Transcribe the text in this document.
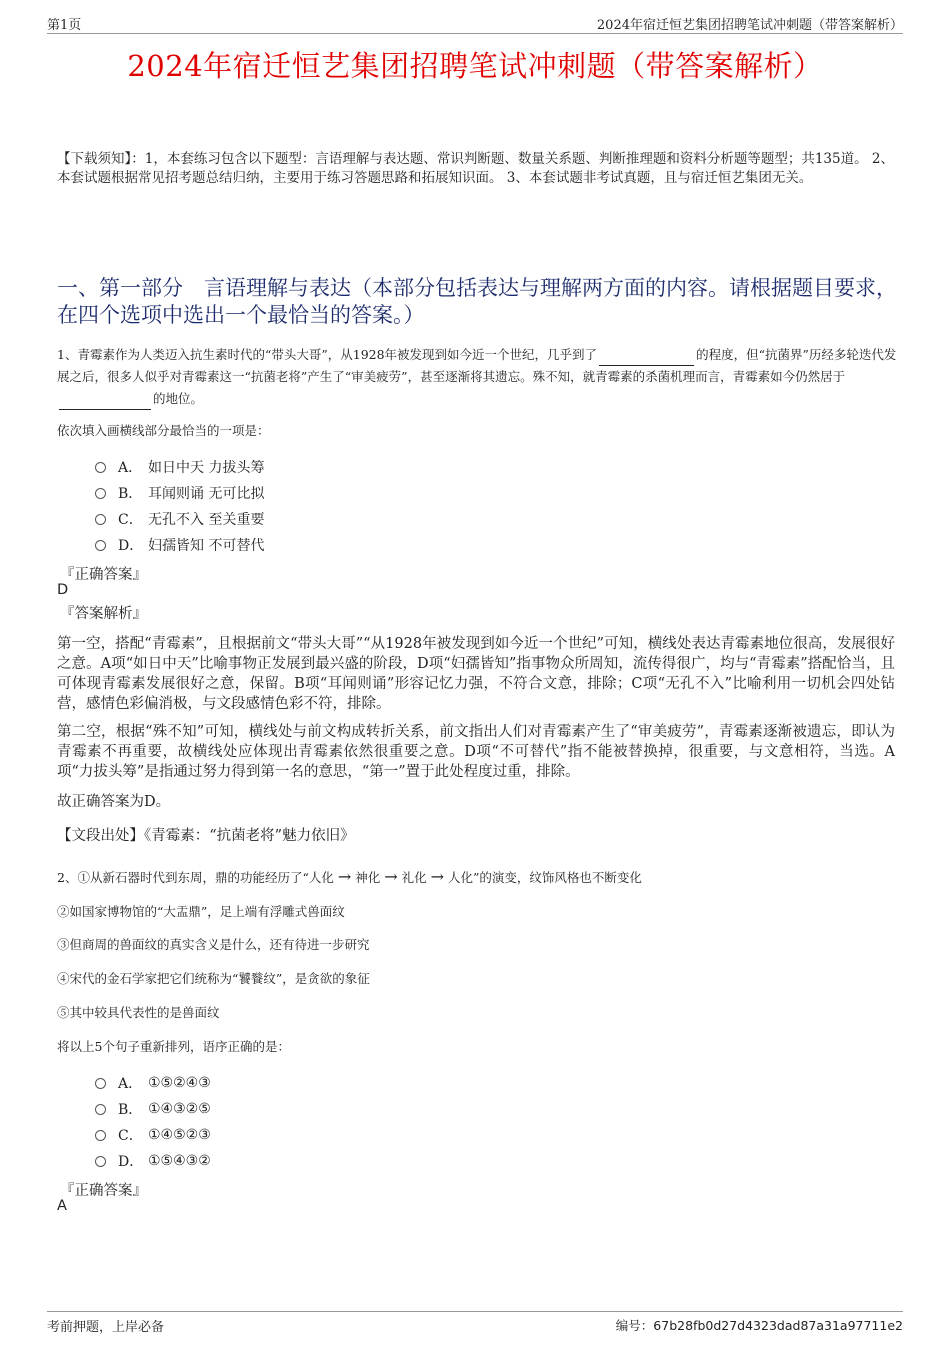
第1页	2024年宿迁恒艺集团招聘笔试冲刺题（带答案解析）
2024年宿迁恒艺集团招聘笔试冲刺题（带答案解析）
【下载须知】：1，本套练习包含以下题型：言语理解与表达题、常识判断题、数量关系题、判断推理题和资料分析题等题型；共135道。 2、本套试题根据常见招考题总结归纳，主要用于练习答题思路和拓展知识面。 3、本套试题非考试真题，且与宿迁恒艺集团无关。
一、第一部分　言语理解与表达（本部分包括表达与理解两方面的内容。请根据题目要求，在四个选项中选出一个最恰当的答案。）
1、青霉素作为人类迈入抗生素时代的“带头大哥”，从1928年被发现到如今近一个世纪，几乎到了	的程度，但“抗菌界”历经多轮迭代发展之后，很多人似乎对青霉素这一“抗菌老将”产生了“审美疲劳”，甚至逐渐将其遗忘。殊不知，就青霉素的杀菌机理而言，青霉素如今仍然居于的地位。
依次填入画横线部分最恰当的一项是：
A． 如日中天 力拔头筹
B． 耳闻则诵 无可比拟
C． 无孔不入 至关重要
D． 妇孺皆知 不可替代
『正确答案』
D
『答案解析』
第一空，搭配“青霉素”，且根据前文“带头大哥”“从1928年被发现到如今近一个世纪”可知，横线处表达青霉素地位很高，发展很好之意。A项“如日中天”比喻事物正发展到最兴盛的阶段，D项“妇孺皆知”指事物众所周知，流传得很广，均与“青霉素”搭配恰当，且可体现青霉素发展很好之意，保留。B项“耳闻则诵”形容记忆力强，不符合文意，排除；C项“无孔不入”比喻利用一切机会四处钻营，感情色彩偏消极，与文段感情色彩不符，排除。
第二空，根据“殊不知”可知，横线处与前文构成转折关系，前文指出人们对青霉素产生了“审美疲劳”，青霉素逐渐被遗忘，即认为青霉素不再重要，故横线处应体现出青霉素依然很重要之意。D项“不可替代”指不能被替换掉，很重要，与文意相符，当选。A项“力拔头筹”是指通过努力得到第一名的意思，“第一”置于此处程度过重，排除。
故正确答案为D。
【文段出处】《青霉素：“抗菌老将”魅力依旧》
2、①从新石器时代到东周，鼎的功能经历了“人化 → 神化 → 礼化 → 人化”的演变，纹饰风格也不断变化
②如国家博物馆的“大盂鼎”，足上端有浮雕式兽面纹
③但商周的兽面纹的真实含义是什么，还有待进一步研究
④宋代的金石学家把它们统称为“饕餮纹”，是贪欲的象征
⑤其中较具代表性的是兽面纹
将以上5个句子重新排列，语序正确的是：
A． ①⑤②④③
B． ①④③②⑤
C． ①④⑤②③
D． ①⑤④③②
『正确答案』
A
考前押题，上岸必备	编号：67b28fb0d27d4323dad87a31a97711e2
